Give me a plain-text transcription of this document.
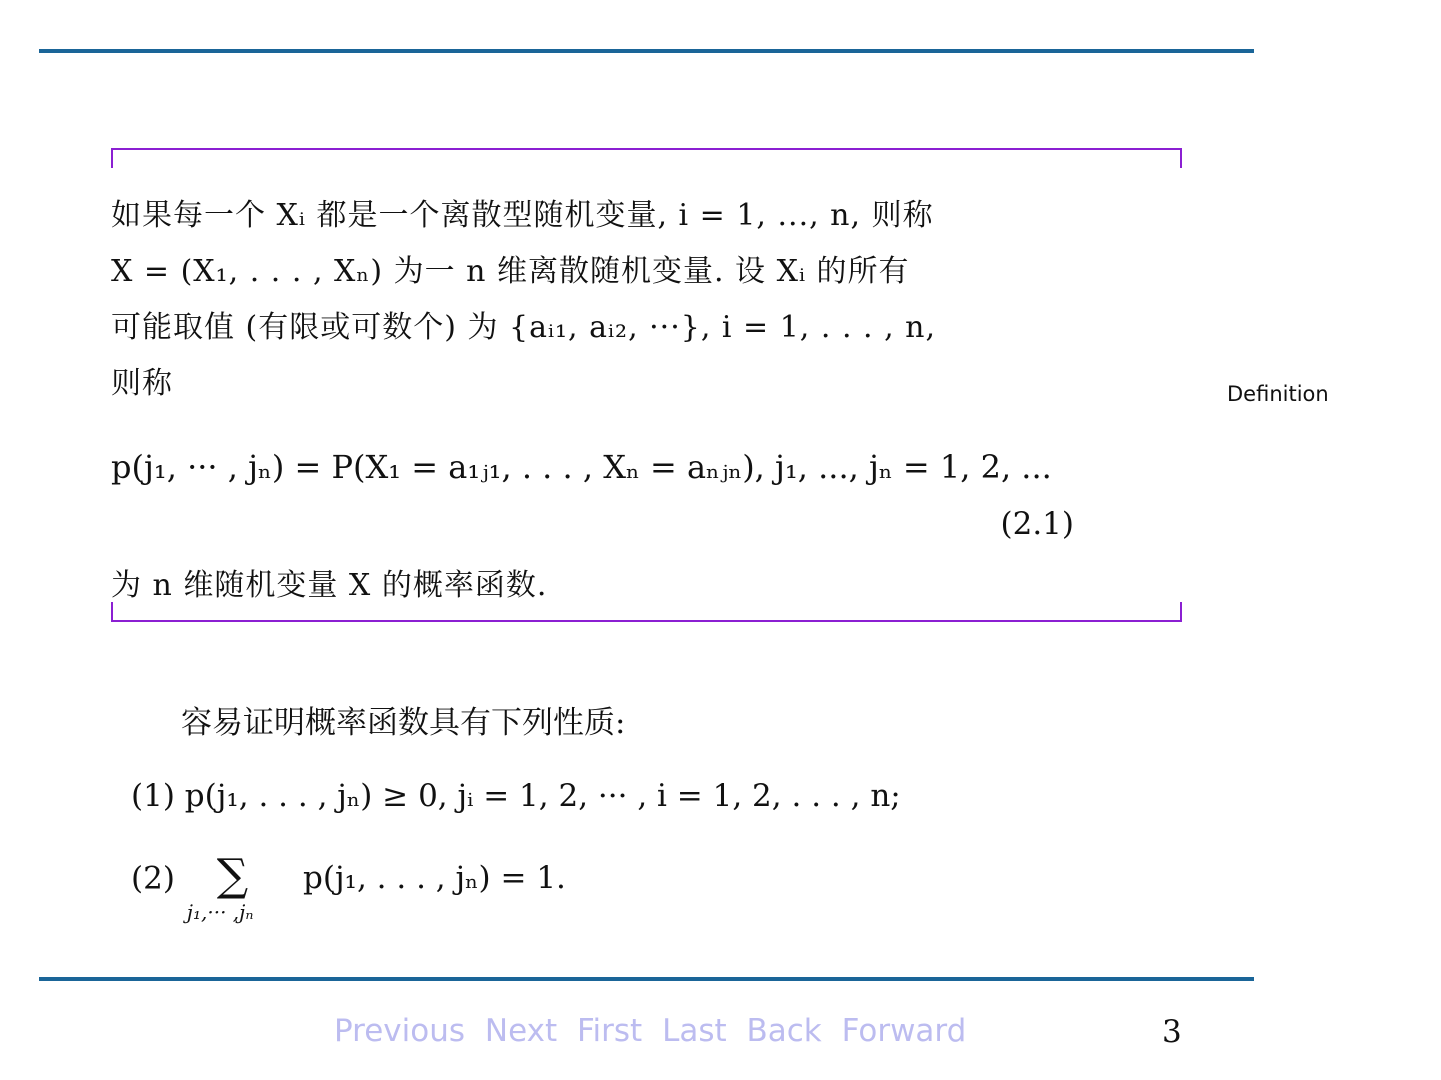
如果每一个 Xᵢ 都是一个离散型随机变量, i = 1, ..., n, 则称
X = (X₁, . . . , Xₙ) 为一 n 维离散随机变量. 设 Xᵢ 的所有
可能取值 (有限或可数个) 为 {aᵢ₁, aᵢ₂, ···}, i = 1, . . . , n,
则称
p(j₁, ··· , jₙ) = P(X₁ = a₁ⱼ₁, . . . , Xₙ = aₙⱼₙ), j₁, ..., jₙ = 1, 2, ...
(2.1)
为 n 维随机变量 X 的概率函数.
Definition
容易证明概率函数具有下列性质:
(1) p(j₁, . . . , jₙ) ≥ 0, jᵢ = 1, 2, ··· , i = 1, 2, . . . , n;
(2) ∑
j₁,··· ,jₙ
p(j₁, . . . , jₙ) = 1.
Previous Next First Last Back Forward	3
